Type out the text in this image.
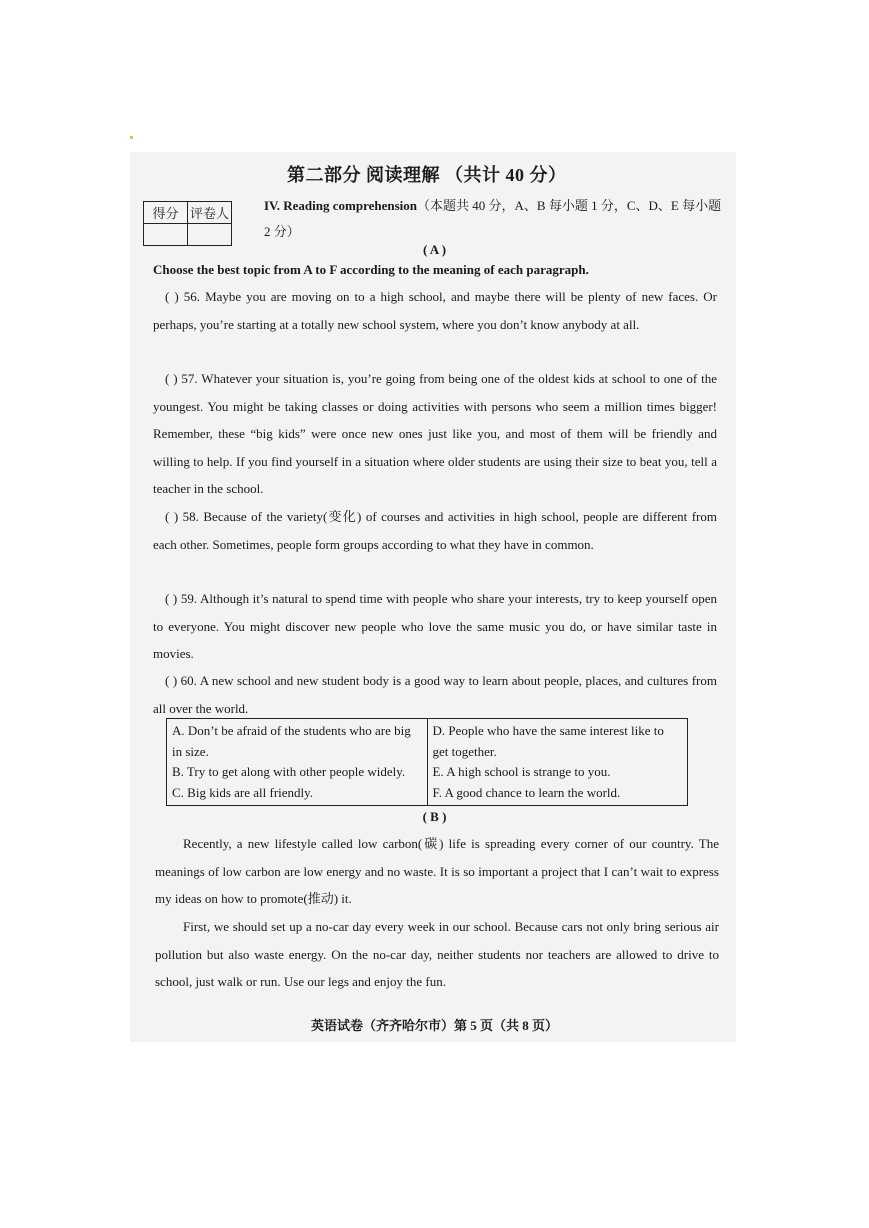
第二部分 阅读理解 （共计 40 分）
得分	评卷人

IV. Reading comprehension（本题共 40 分，A、B 每小题 1 分，C、D、E 每小题 2 分）
( A )
Choose the best topic from A to F according to the meaning of each paragraph.
( ) 56. Maybe you are moving on to a high school, and maybe there will be plenty of new faces. Or perhaps, you’re starting at a totally new school system, where you don’t know anybody at all.
( ) 57. Whatever your situation is, you’re going from being one of the oldest kids at school to one of the youngest. You might be taking classes or doing activities with persons who seem a million times bigger! Remember, these “big kids” were once new ones just like you, and most of them will be friendly and willing to help. If you find yourself in a situation where older students are using their size to beat you, tell a teacher in the school.
( ) 58. Because of the variety(变化) of courses and activities in high school, people are different from each other. Sometimes, people form groups according to what they have in common.
( ) 59. Although it’s natural to spend time with people who share your interests, try to keep yourself open to everyone. You might discover new people who love the same music you do, or have similar taste in movies.
( ) 60. A new school and new student body is a good way to learn about people, places, and cultures from all over the world.
A. Don’t be afraid of the students who are big in size.
B. Try to get along with other people widely.
C. Big kids are all friendly.

D. People who have the same interest like to get together.
E. A high school is strange to you.
F. A good chance to learn the world.
( B )
Recently, a new lifestyle called low carbon(碳) life is spreading every corner of our country. The meanings of low carbon are low energy and no waste. It is so important a project that I can’t wait to express my ideas on how to promote(推动) it.
First, we should set up a no-car day every week in our school. Because cars not only bring serious air pollution but also waste energy. On the no-car day, neither students nor teachers are allowed to drive to school, just walk or run. Use our legs and enjoy the fun.
英语试卷（齐齐哈尔市）第 5 页（共 8 页）
